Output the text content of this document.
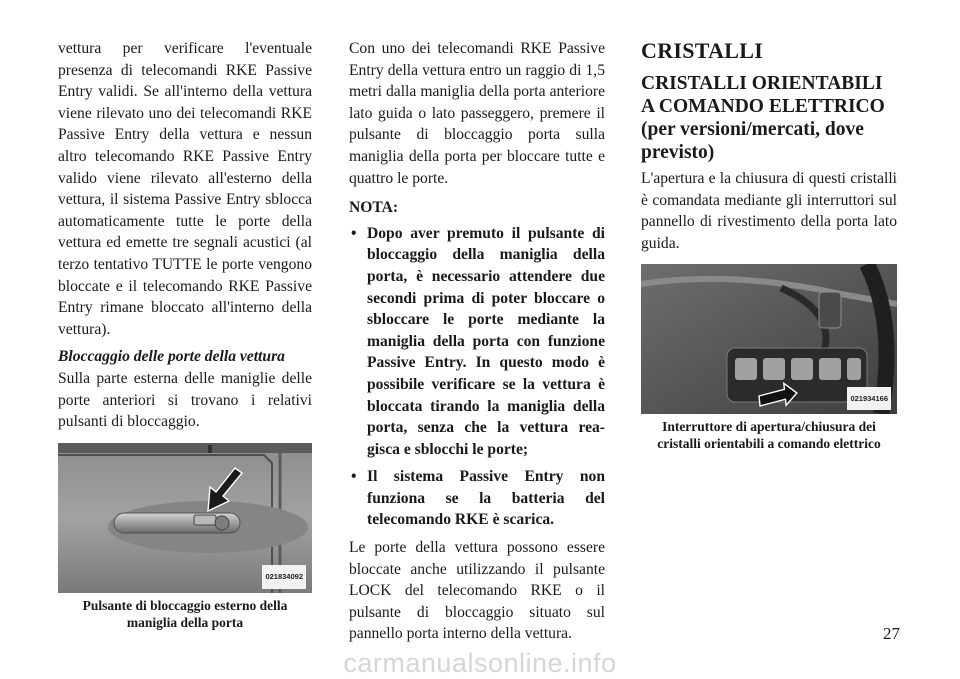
vettura per verificare l'eventuale presenza di telecomandi RKE Passive Entry validi. Se all'interno della vettura viene rilevato uno dei telecomandi RKE Passive Entry della vettura e nessun altro telecomando RKE Passive Entry valido viene rilevato all'esterno della vettura, il sistema Passive Entry sblocca automaticamente tutte le porte della vettura ed emette tre segnali acustici (al terzo tentativo TUTTE le porte vengono bloccate e il telecomando RKE Passive Entry rimane bloccato all'interno della vettura).

Bloccaggio delle porte della vettura

Sulla parte esterna delle maniglie delle porte anteriori si trovano i relativi pulsanti di bloccaggio.

021834092
Pulsante di bloccaggio esterno della maniglia della porta

Con uno dei telecomandi RKE Passive Entry della vettura entro un raggio di 1,5 metri dalla maniglia della porta anteriore lato guida o lato passeggero, premere il pulsante di bloccaggio porta sulla maniglia della porta per bloccare tutte e quattro le porte.

NOTA:

• Dopo aver premuto il pulsante di bloccaggio della maniglia della porta, è necessario attendere due secondi prima di poter bloccare o sbloccare le porte mediante la maniglia della porta con funzione Passive Entry. In questo modo è possibile verificare se la vettura è bloccata tirando la maniglia della porta, senza che la vettura rea-gisca e sblocchi le porte;
• Il sistema Passive Entry non funziona se la batteria del telecomando RKE è scarica.

Le porte della vettura possono essere bloccate anche utilizzando il pulsante LOCK del telecomando RKE o il pulsante di bloccaggio situato sul pannello porta interno della vettura.

CRISTALLI
CRISTALLI ORIENTABILI A COMANDO ELETTRICO (per versioni/mercati, dove previsto)

L'apertura e la chiusura di questi cristalli è comandata mediante gli interruttori sul pannello di rivestimento della porta lato guida.

021934166
Interruttore di apertura/chiusura dei cristalli orientabili a comando elettrico
27
carmanualsonline.info
